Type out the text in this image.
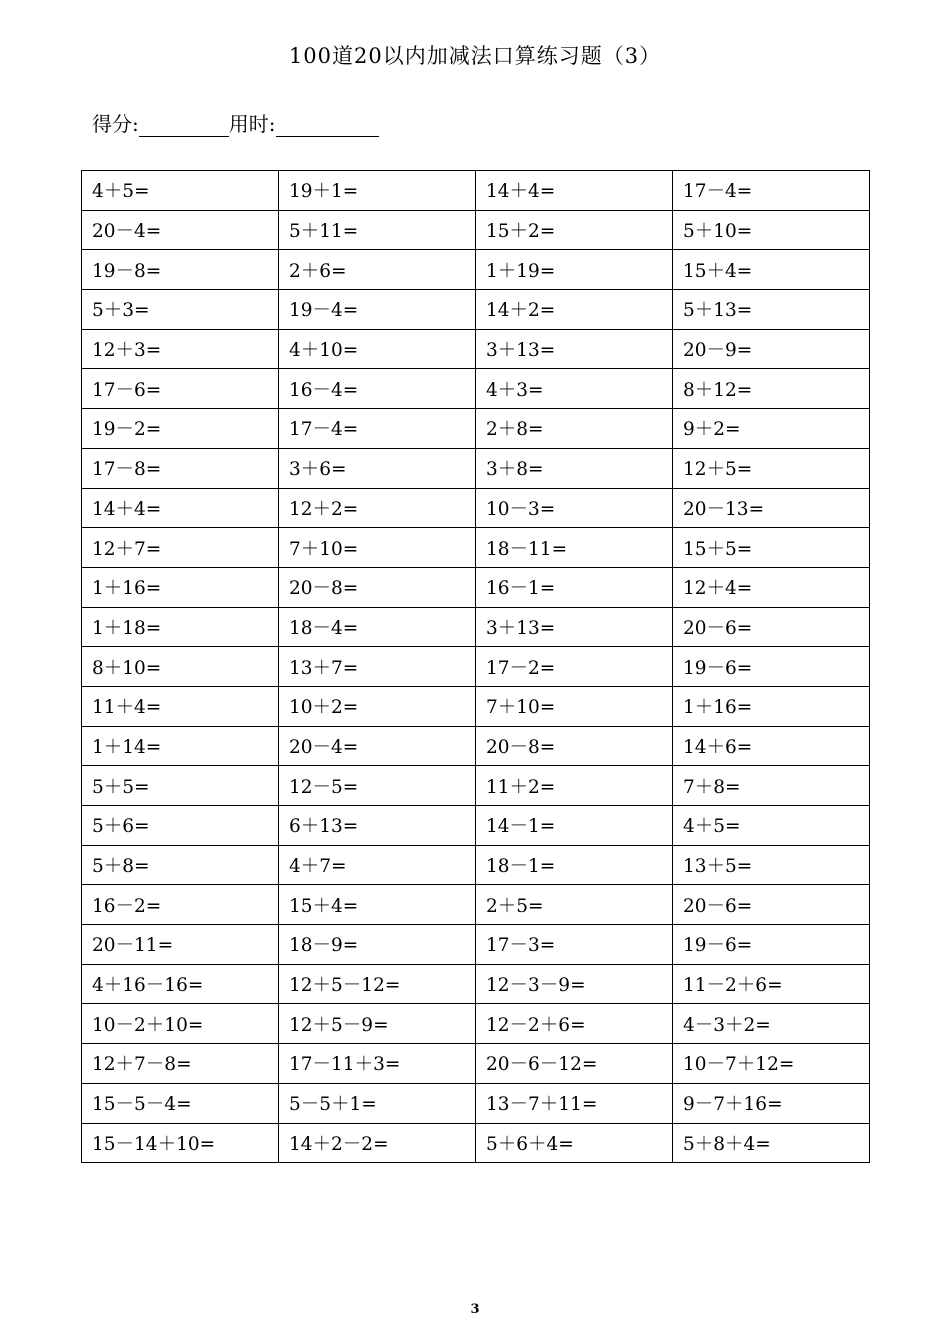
100道20以内加减法口算练习题（3）
得分:	用时:
4＋5=	19＋1=	14＋4=	17－4=
20－4=	5＋11=	15＋2=	5＋10=
19－8=	2＋6=	1＋19=	15＋4=
5＋3=	19－4=	14＋2=	5＋13=
12＋3=	4＋10=	3＋13=	20－9=
17－6=	16－4=	4＋3=	8＋12=
19－2=	17－4=	2＋8=	9＋2=
17－8=	3＋6=	3＋8=	12＋5=
14＋4=	12＋2=	10－3=	20－13=
12＋7=	7＋10=	18－11=	15＋5=
1＋16=	20－8=	16－1=	12＋4=
1＋18=	18－4=	3＋13=	20－6=
8＋10=	13＋7=	17－2=	19－6=
11＋4=	10＋2=	7＋10=	1＋16=
1＋14=	20－4=	20－8=	14＋6=
5＋5=	12－5=	11＋2=	7＋8=
5＋6=	6＋13=	14－1=	4＋5=
5＋8=	4＋7=	18－1=	13＋5=
16－2=	15＋4=	2＋5=	20－6=
20－11=	18－9=	17－3=	19－6=
4＋16－16=	12＋5－12=	12－3－9=	11－2＋6=
10－2＋10=	12＋5－9=	12－2＋6=	4－3＋2=
12＋7－8=	17－11＋3=	20－6－12=	10－7＋12=
15－5－4=	5－5＋1=	13－7＋11=	9－7＋16=
15－14＋10=	14＋2－2=	5＋6＋4=	5＋8＋4=
3
